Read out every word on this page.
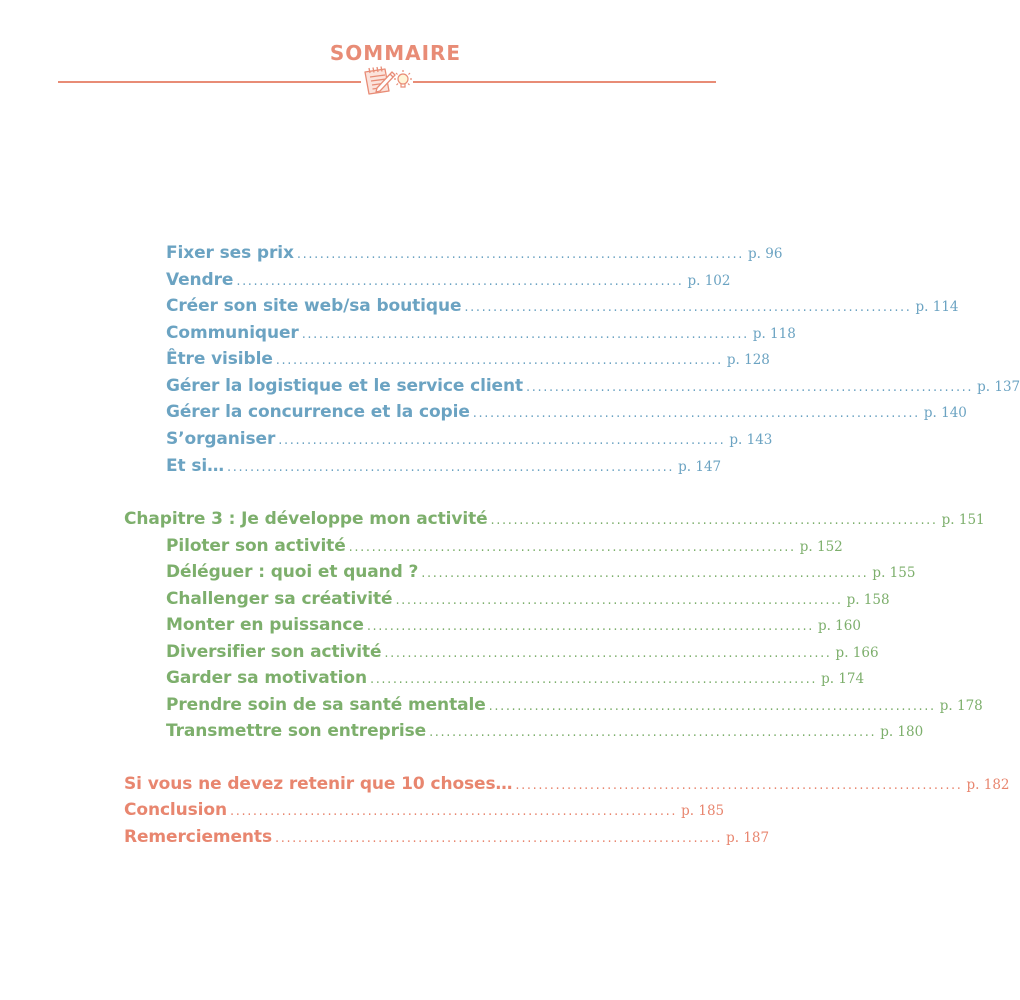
SOMMAIRE
Fixer ses prix .............................................................................. p. 96
Vendre .............................................................................. p. 102
Créer son site web/sa boutique .............................................................................. p. 114
Communiquer .............................................................................. p. 118
Être visible .............................................................................. p. 128
Gérer la logistique et le service client .............................................................................. p. 137
Gérer la concurrence et la copie .............................................................................. p. 140
S’organiser .............................................................................. p. 143
Et si… .............................................................................. p. 147
Chapitre 3 : Je développe mon activité .............................................................................. p. 151
Piloter son activité .............................................................................. p. 152
Déléguer : quoi et quand ? .............................................................................. p. 155
Challenger sa créativité .............................................................................. p. 158
Monter en puissance .............................................................................. p. 160
Diversifier son activité .............................................................................. p. 166
Garder sa motivation .............................................................................. p. 174
Prendre soin de sa santé mentale .............................................................................. p. 178
Transmettre son entreprise .............................................................................. p. 180
Si vous ne devez retenir que 10 choses… .............................................................................. p. 182
Conclusion .............................................................................. p. 185
Remerciements .............................................................................. p. 187
